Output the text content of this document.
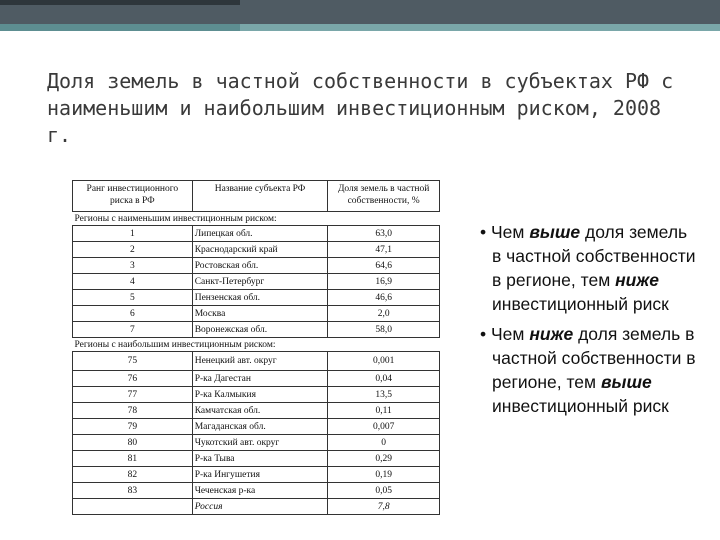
Доля земель в частной собственности в субъектах РФ с наименьшим и наибольшим инвестиционным риском, 2008 г.
Ранг инвестиционного риска в РФ	Название субъекта РФ	Доля земель в частной собственности, %
Регионы с наименьшим инвестиционным риском:		
1	Липецкая обл.	63,0
2	Краснодарский край	47,1
3	Ростовская обл.	64,6
4	Санкт-Петербург	16,9
5	Пензенская обл.	46,6
6	Москва	2,0
7	Воронежская обл.	58,0
Регионы с наибольшим инвестиционным риском:		
75	Ненецкий авт. округ	0,001
76	Р-ка Дагестан	0,04
77	Р-ка Калмыкия	13,5
78	Камчатская обл.	0,11
79	Магаданская обл.	0,007
80	Чукотский авт. округ	0
81	Р-ка Тыва	0,29
82	Р-ка Ингушетия	0,19
83	Чеченская р-ка	0,05
	Россия	7,8

• Чем выше доля земель в частной собственности в регионе, тем ниже инвестиционный риск

• Чем ниже доля земель в частной собственности в регионе, тем выше инвестиционный риск
